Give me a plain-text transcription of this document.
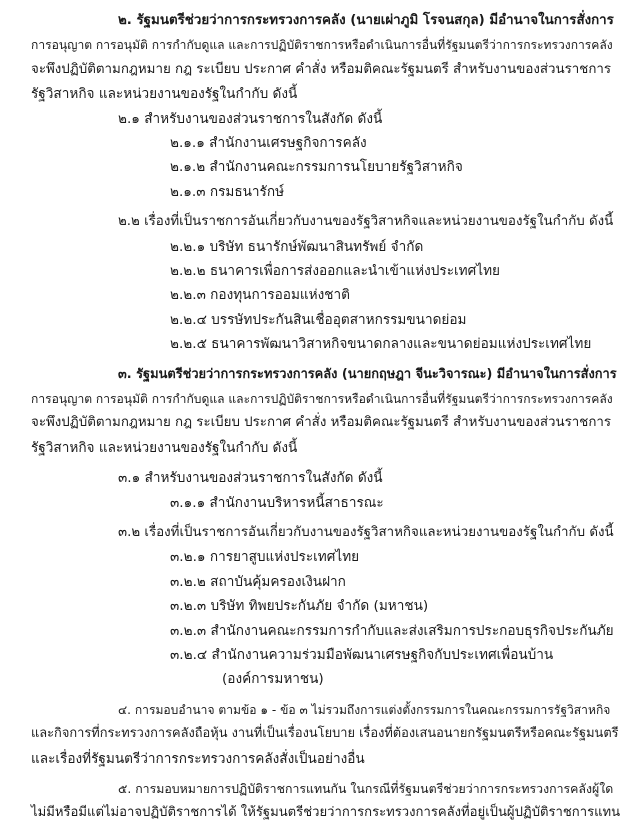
๒. รัฐมนตรีช่วยว่าการกระทรวงการคลัง (นายเผ่าภูมิ โรจนสกุล) มีอำนาจในการสั่งการ
การอนุญาต การอนุมัติ การกำกับดูแล และการปฏิบัติราชการหรือดำเนินการอื่นที่รัฐมนตรีว่าการกระทรวงการคลัง
จะพึงปฏิบัติตามกฎหมาย กฎ ระเบียบ ประกาศ คำสั่ง หรือมติคณะรัฐมนตรี สำหรับงานของส่วนราชการ
รัฐวิสาหกิจ และหน่วยงานของรัฐในกำกับ ดังนี้
๒.๑ สำหรับงานของส่วนราชการในสังกัด ดังนี้
๒.๑.๑ สำนักงานเศรษฐกิจการคลัง
๒.๑.๒ สำนักงานคณะกรรมการนโยบายรัฐวิสาหกิจ
๒.๑.๓ กรมธนารักษ์
๒.๒ เรื่องที่เป็นราชการอันเกี่ยวกับงานของรัฐวิสาหกิจและหน่วยงานของรัฐในกำกับ ดังนี้
๒.๒.๑ บริษัท ธนารักษ์พัฒนาสินทรัพย์ จำกัด
๒.๒.๒ ธนาคารเพื่อการส่งออกและนำเข้าแห่งประเทศไทย
๒.๒.๓ กองทุนการออมแห่งชาติ
๒.๒.๔ บรรษัทประกันสินเชื่ออุตสาหกรรมขนาดย่อม
๒.๒.๕ ธนาคารพัฒนาวิสาหกิจขนาดกลางและขนาดย่อมแห่งประเทศไทย
๓. รัฐมนตรีช่วยว่าการกระทรวงการคลัง (นายกฤษฎา จีนะวิจารณะ) มีอำนาจในการสั่งการ
การอนุญาต การอนุมัติ การกำกับดูแล และการปฏิบัติราชการหรือดำเนินการอื่นที่รัฐมนตรีว่าการกระทรวงการคลัง
จะพึงปฏิบัติตามกฎหมาย กฎ ระเบียบ ประกาศ คำสั่ง หรือมติคณะรัฐมนตรี สำหรับงานของส่วนราชการ
รัฐวิสาหกิจ และหน่วยงานของรัฐในกำกับ ดังนี้
๓.๑ สำหรับงานของส่วนราชการในสังกัด ดังนี้
๓.๑.๑ สำนักงานบริหารหนี้สาธารณะ
๓.๒ เรื่องที่เป็นราชการอันเกี่ยวกับงานของรัฐวิสาหกิจและหน่วยงานของรัฐในกำกับ ดังนี้
๓.๒.๑ การยาสูบแห่งประเทศไทย
๓.๒.๒ สถาบันคุ้มครองเงินฝาก
๓.๒.๓ บริษัท ทิพยประกันภัย จำกัด (มหาชน)
๓.๒.๓ สำนักงานคณะกรรมการกำกับและส่งเสริมการประกอบธุรกิจประกันภัย
๓.๒.๔ สำนักงานความร่วมมือพัฒนาเศรษฐกิจกับประเทศเพื่อนบ้าน
(องค์การมหาชน)
๔. การมอบอำนาจ ตามข้อ ๑ - ข้อ ๓ ไม่รวมถึงการแต่งตั้งกรรมการในคณะกรรมการรัฐวิสาหกิจ
และกิจการที่กระทรวงการคลังถือหุ้น งานที่เป็นเรื่องนโยบาย เรื่องที่ต้องเสนอนายกรัฐมนตรีหรือคณะรัฐมนตรี
และเรื่องที่รัฐมนตรีว่าการกระทรวงการคลังสั่งเป็นอย่างอื่น
๕. การมอบหมายการปฏิบัติราชการแทนกัน ในกรณีที่รัฐมนตรีช่วยว่าการกระทรวงการคลังผู้ใด
ไม่มีหรือมีแต่ไม่อาจปฏิบัติราชการได้ ให้รัฐมนตรีช่วยว่าการกระทรวงการคลังที่อยู่เป็นผู้ปฏิบัติราชการแทน
